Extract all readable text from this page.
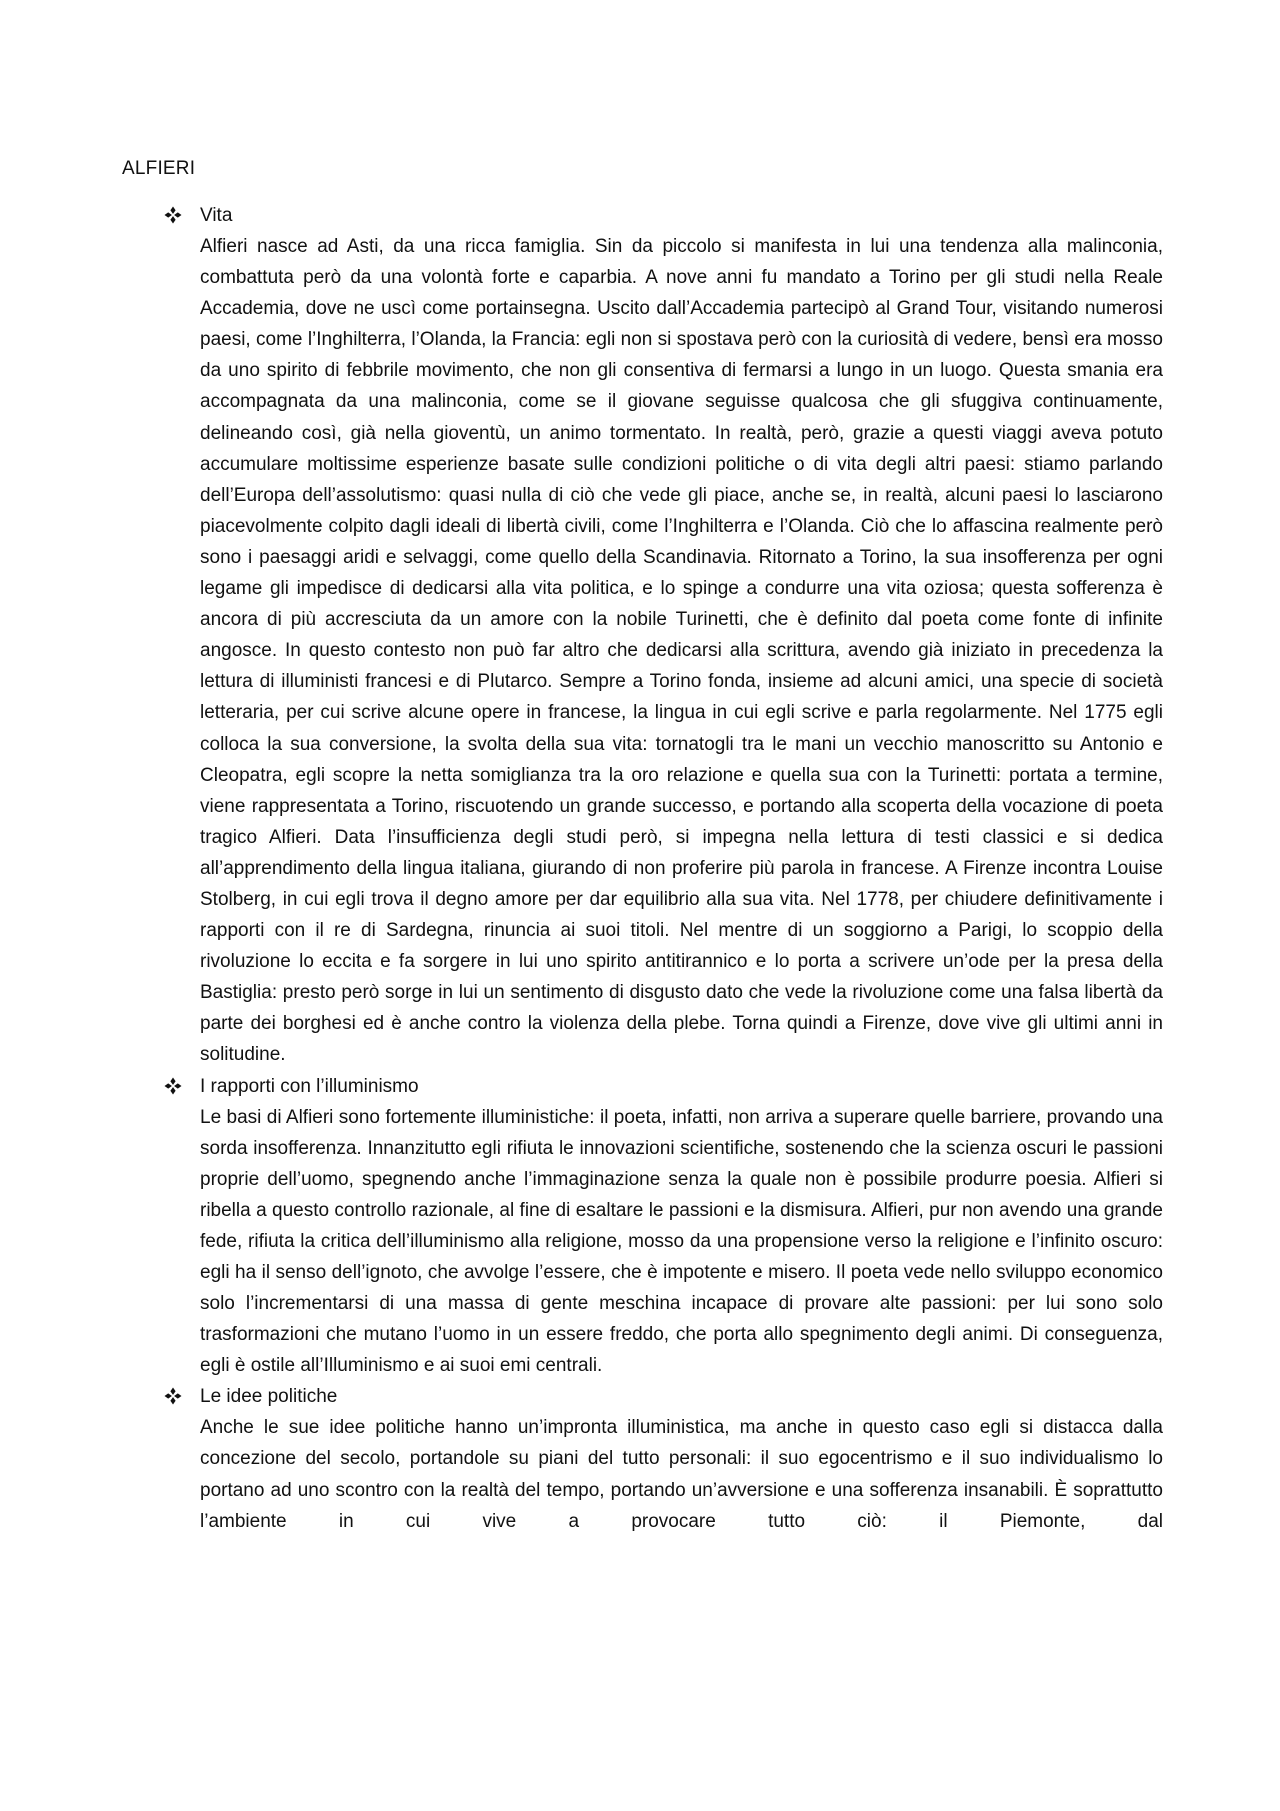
ALFIERI
Vita

Alfieri nasce ad Asti, da una ricca famiglia. Sin da piccolo si manifesta in lui una tendenza alla malinconia, combattuta però da una volontà forte e caparbia. A nove anni fu mandato a Torino per gli studi nella Reale Accademia, dove ne uscì come portainsegna. Uscito dall’Accademia partecipò al Grand Tour, visitando numerosi paesi, come l’Inghilterra, l’Olanda, la Francia: egli non si spostava però con la curiosità di vedere, bensì era mosso da uno spirito di febbrile movimento, che non gli consentiva di fermarsi a lungo in un luogo. Questa smania era accompagnata da una malinconia, come se il giovane seguisse qualcosa che gli sfuggiva continuamente, delineando così, già nella gioventù, un animo tormentato. In realtà, però, grazie a questi viaggi aveva potuto accumulare moltissime esperienze basate sulle condizioni politiche o di vita degli altri paesi: stiamo parlando dell’Europa dell’assolutismo: quasi nulla di ciò che vede gli piace, anche se, in realtà, alcuni paesi lo lasciarono piacevolmente colpito dagli ideali di libertà civili, come l’Inghilterra e l’Olanda. Ciò che lo affascina realmente però sono i paesaggi aridi e selvaggi, come quello della Scandinavia. Ritornato a Torino, la sua insofferenza per ogni legame gli impedisce di dedicarsi alla vita politica, e lo spinge a condurre una vita oziosa; questa sofferenza è ancora di più accresciuta da un amore con la nobile Turinetti, che è definito dal poeta come fonte di infinite angosce. In questo contesto non può far altro che dedicarsi alla scrittura, avendo già iniziato in precedenza la lettura di illuministi francesi e di Plutarco. Sempre a Torino fonda, insieme ad alcuni amici, una specie di società letteraria, per cui scrive alcune opere in francese, la lingua in cui egli scrive e parla regolarmente. Nel 1775 egli colloca la sua conversione, la svolta della sua vita: tornatogli tra le mani un vecchio manoscritto su Antonio e Cleopatra, egli scopre la netta somiglianza tra la oro relazione e quella sua con la Turinetti: portata a termine, viene rappresentata a Torino, riscuotendo un grande successo, e portando alla scoperta della vocazione di poeta tragico Alfieri. Data l’insufficienza degli studi però, si impegna nella lettura di testi classici e si dedica all’apprendimento della lingua italiana, giurando di non proferire più parola in francese. A Firenze incontra Louise Stolberg, in cui egli trova il degno amore per dar equilibrio alla sua vita. Nel 1778, per chiudere definitivamente i rapporti con il re di Sardegna, rinuncia ai suoi titoli. Nel mentre di un soggiorno a Parigi, lo scoppio della rivoluzione lo eccita e fa sorgere in lui uno spirito antitirannico e lo porta a scrivere un’ode per la presa della Bastiglia: presto però sorge in lui un sentimento di disgusto dato che vede la rivoluzione come una falsa libertà da parte dei borghesi ed è anche contro la violenza della plebe. Torna quindi a Firenze, dove vive gli ultimi anni in solitudine.

I rapporti con l’illuminismo

Le basi di Alfieri sono fortemente illuministiche: il poeta, infatti, non arriva a superare quelle barriere, provando una sorda insofferenza. Innanzitutto egli rifiuta le innovazioni scientifiche, sostenendo che la scienza oscuri le passioni proprie dell’uomo, spegnendo anche l’immaginazione senza la quale non è possibile produrre poesia. Alfieri si ribella a questo controllo razionale, al fine di esaltare le passioni e la dismisura. Alfieri, pur non avendo una grande fede, rifiuta la critica dell’illuminismo alla religione, mosso da una propensione verso la religione e l’infinito oscuro: egli ha il senso dell’ignoto, che avvolge l’essere, che è impotente e misero. Il poeta vede nello sviluppo economico solo l’incrementarsi di una massa di gente meschina incapace di provare alte passioni: per lui sono solo trasformazioni che mutano l’uomo in un essere freddo, che porta allo spegnimento degli animi. Di conseguenza, egli è ostile all’Illuminismo e ai suoi emi centrali.

Le idee politiche

Anche le sue idee politiche hanno un’impronta illuministica, ma anche in questo caso egli si distacca dalla concezione del secolo, portandole su piani del tutto personali: il suo egocentrismo e il suo individualismo lo portano ad uno scontro con la realtà del tempo, portando un’avversione e una sofferenza insanabili. È soprattutto l’ambiente in cui vive a provocare tutto ciò: il Piemonte, dal
